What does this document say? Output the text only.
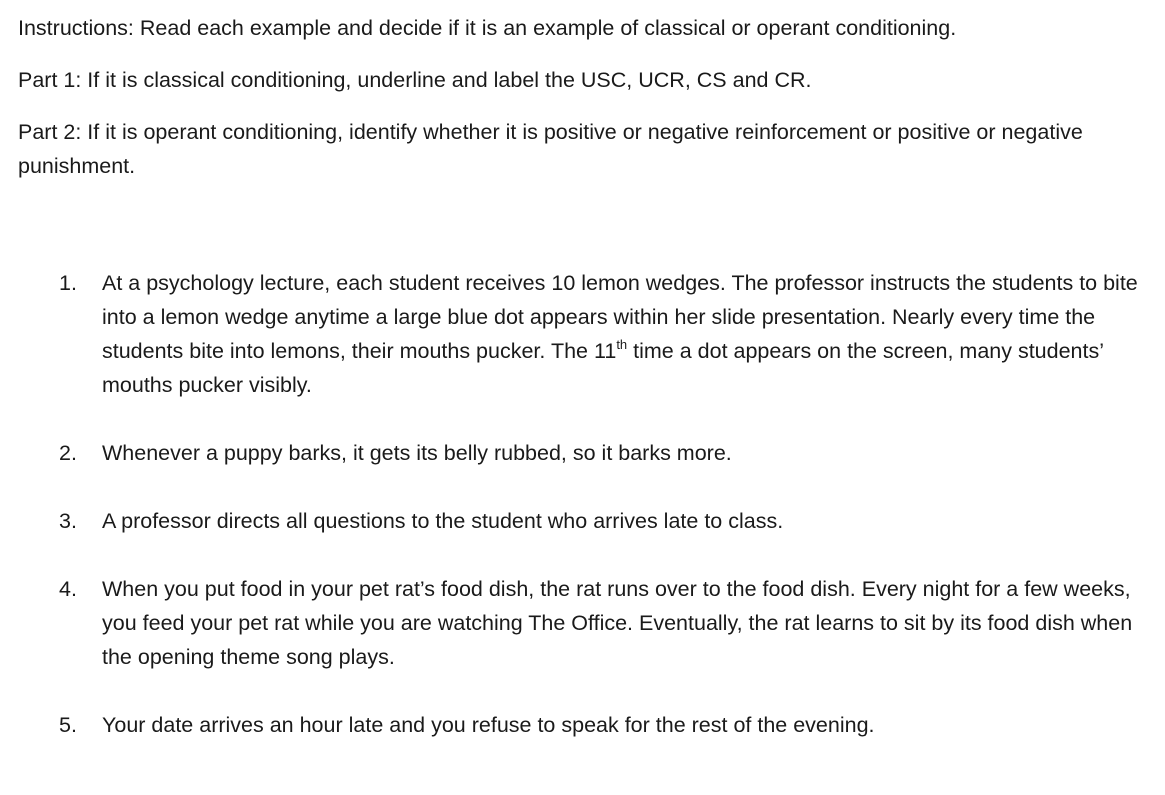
Instructions: Read each example and decide if it is an example of classical or operant conditioning.

Part 1: If it is classical conditioning, underline and label the USC, UCR, CS and CR.

Part 2: If it is operant conditioning, identify whether it is positive or negative reinforcement or positive or negative punishment.

1. At a psychology lecture, each student receives 10 lemon wedges. The professor instructs the students to bite into a lemon wedge anytime a large blue dot appears within her slide presentation. Nearly every time the students bite into lemons, their mouths pucker. The 11th time a dot appears on the screen, many students’ mouths pucker visibly.
2. Whenever a puppy barks, it gets its belly rubbed, so it barks more.
3. A professor directs all questions to the student who arrives late to class.
4. When you put food in your pet rat’s food dish, the rat runs over to the food dish. Every night for a few weeks, you feed your pet rat while you are watching The Office. Eventually, the rat learns to sit by its food dish when the opening theme song plays.
5. Your date arrives an hour late and you refuse to speak for the rest of the evening.
